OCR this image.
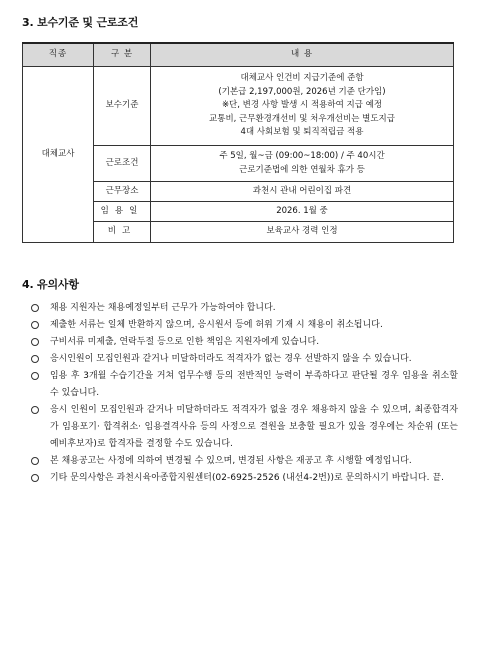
3. 보수기준 및 근로조건
직종	구 분	내 용
대체교사	보수기준	대체교사 인건비 지급기준에 준함
(기본급 2,197,000원, 2026년 기준 단가임)
※단, 변경 사항 발생 시 적용하여 지급 예정
교통비, 근무환경개선비 및 처우개선비는 별도지급
4대 사회보험 및 퇴직적립금 적용

	근로조건	주 5일, 월~금 (09:00~18:00) / 주 40시간
근로기준법에 의한 연월차 휴가 등

	근무장소	과천시 관내 어린이집 파견
	임용일	2026. 1월 중
	비고	보육교사 경력 인정
4. 유의사항
채용 지원자는 채용예정일부터 근무가 가능하여야 합니다.
제출한 서류는 일체 반환하지 않으며, 응시원서 등에 허위 기재 시 채용이 취소됩니다.
구비서류 미제출, 연락두절 등으로 인한 책임은 지원자에게 있습니다.
응시인원이 모집인원과 같거나 미달하더라도 적격자가 없는 경우 선발하지 않을 수 있습니다.
임용 후 3개월 수습기간을 거쳐 업무수행 등의 전반적인 능력이 부족하다고 판단될 경우 임용을 취소할 수 있습니다.
응시 인원이 모집인원과 같거나 미달하더라도 적격자가 없을 경우 채용하지 않을 수 있으며, 최종합격자가 임용포기· 합격취소· 임용결격사유 등의 사정으로 결원을 보충할 필요가 있을 경우에는 차순위 (또는 예비후보자)로 합격자를 결정할 수도 있습니다.
본 채용공고는 사정에 의하여 변경될 수 있으며, 변경된 사항은 재공고 후 시행할 예정입니다.
기타 문의사항은 과천시육아종합지원센터(02-6925-2526 (내선4-2번))로 문의하시기 바랍니다. 끝.
